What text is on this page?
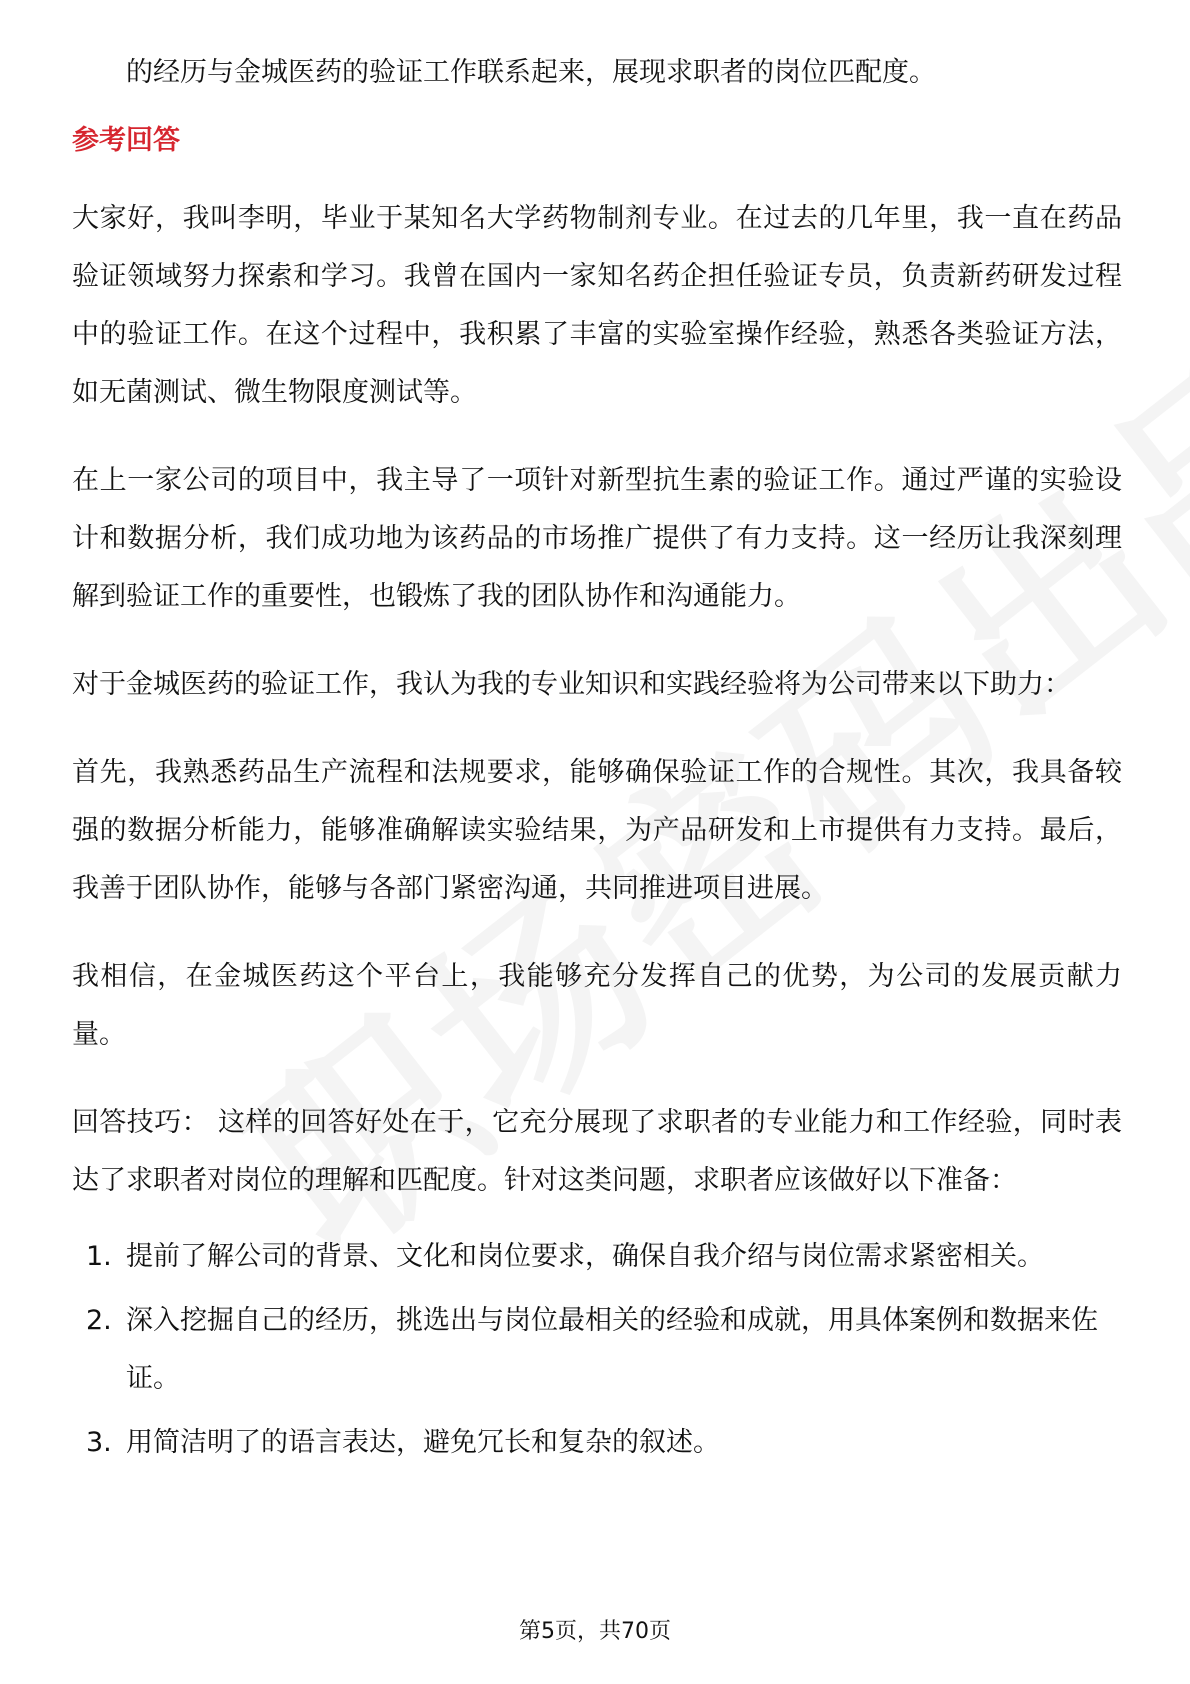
的经历与金城医药的验证工作联系起来，展现求职者的岗位匹配度。

参考回答

大家好，我叫李明，毕业于某知名大学药物制剂专业。在过去的几年里，我一直在药品验证领域努力探索和学习。我曾在国内一家知名药企担任验证专员，负责新药研发过程中的验证工作。在这个过程中，我积累了丰富的实验室操作经验，熟悉各类验证方法，如无菌测试、微生物限度测试等。

在上一家公司的项目中，我主导了一项针对新型抗生素的验证工作。通过严谨的实验设计和数据分析，我们成功地为该药品的市场推广提供了有力支持。这一经历让我深刻理解到验证工作的重要性，也锻炼了我的团队协作和沟通能力。

对于金城医药的验证工作，我认为我的专业知识和实践经验将为公司带来以下助力：

首先，我熟悉药品生产流程和法规要求，能够确保验证工作的合规性。其次，我具备较强的数据分析能力，能够准确解读实验结果，为产品研发和上市提供有力支持。最后，我善于团队协作，能够与各部门紧密沟通，共同推进项目进展。

我相信，在金城医药这个平台上，我能够充分发挥自己的优势，为公司的发展贡献力量。

回答技巧： 这样的回答好处在于，它充分展现了求职者的专业能力和工作经验，同时表达了求职者对岗位的理解和匹配度。针对这类问题，求职者应该做好以下准备：

1. 提前了解公司的背景、文化和岗位要求，确保自我介绍与岗位需求紧密相关。
2. 深入挖掘自己的经历，挑选出与岗位最相关的经验和成就，用具体案例和数据来佐证。
3. 用简洁明了的语言表达，避免冗长和复杂的叙述。
第5页，共70页
